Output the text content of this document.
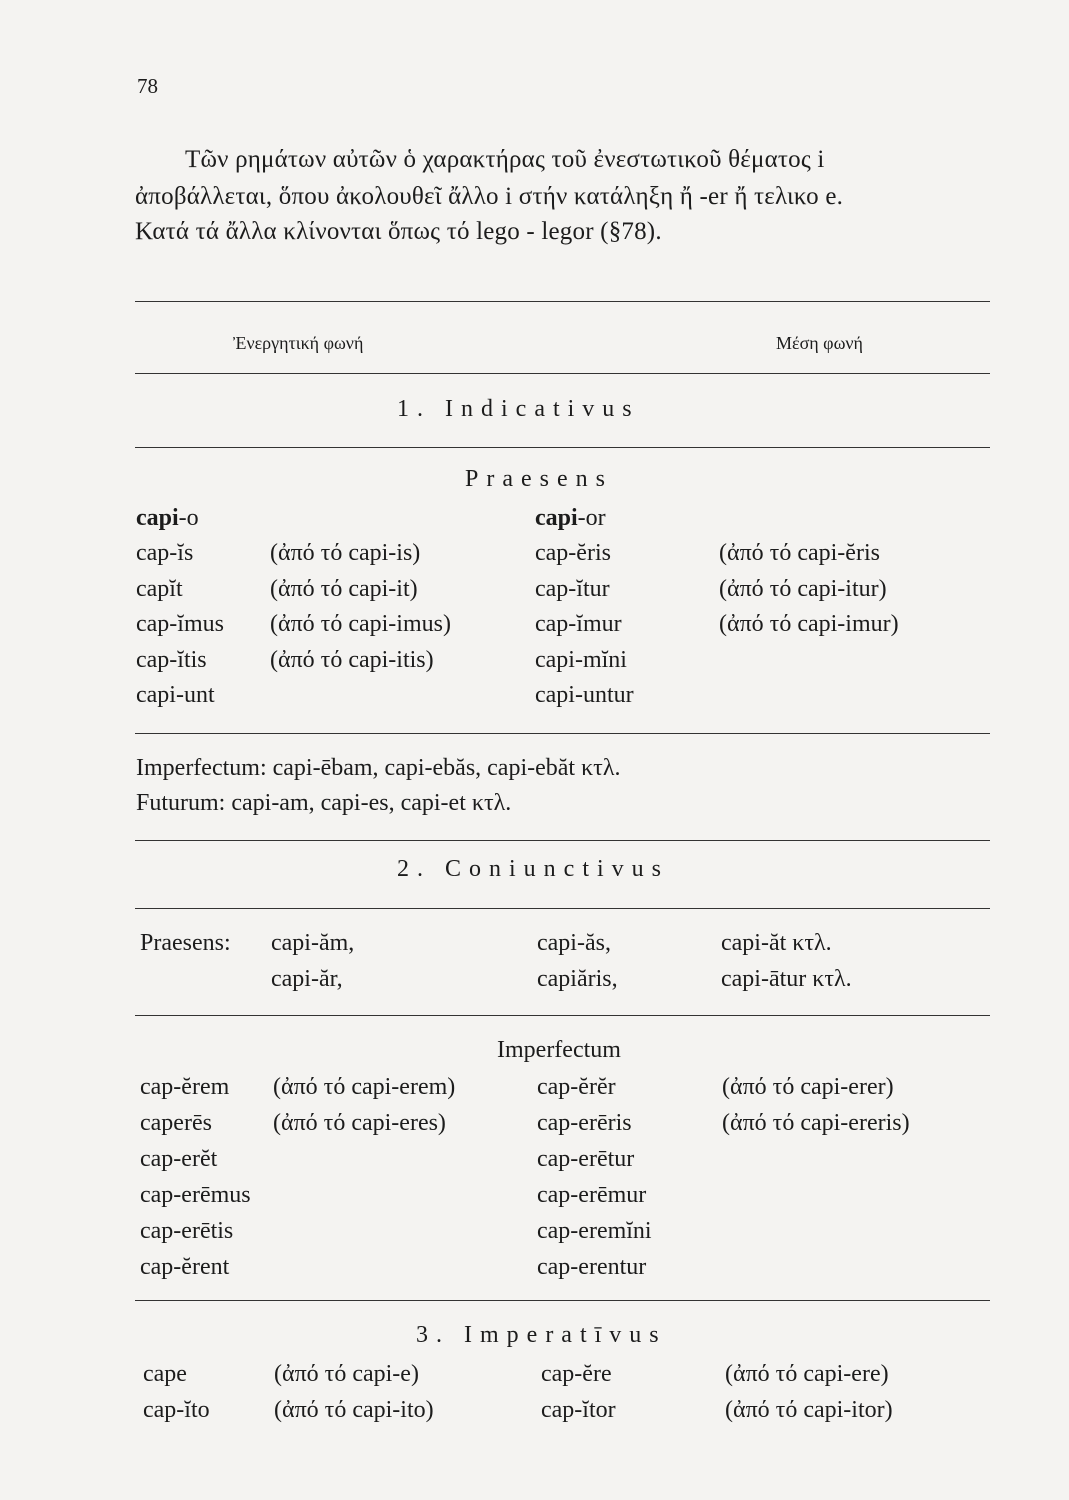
78
Τῶν ρημάτων αὐτῶν ὁ χαρακτήρας τοῦ ἐνεστωτικοῦ θέματος i
ἀποβάλλεται, ὅπου ἀκολουθεῖ ἄλλο i στήν κατάληξη ἤ -er ἤ τελικο e.
Κατά τά ἄλλα κλίνονται ὅπως τό lego - legor (§78).
Ἐνεργητική φωνή	Μέση φωνή
1. Indicativus
Praesens
capi-o	capi-or
cap-ĭs	(ἀπό τό capi-is)	cap-ĕris	(ἀπό τό capi-ĕris
capĭt	(ἀπό τό capi-it)	cap-ĭtur	(ἀπό τό capi-itur)
cap-ĭmus (ἀπό τό capi-imus)	cap-ĭmur	(ἀπό τό capi-imur)
cap-ĭtis	(ἀπό τό capi-itis)	capi-mĭni
capi-unt	capi-untur
Imperfectum: capi-ēbam, capi-ebăs, capi-ebăt κτλ.
Futurum: capi-am, capi-es, capi-et κτλ.
2. Coniunctivus
Praesens: capi-ăm,	capi-ăs,	capi-ăt κτλ.
capi-ăr,	capiăris,	capi-ātur κτλ.
Imperfectum
cap-ĕrem (ἀπό τό capi-erem)	cap-ĕrĕr	(ἀπό τό capi-erer)
caperēs	(ἀπό τό capi-eres)	cap-erēris	(ἀπό τό capi-ereris)
cap-erĕt	cap-erētur
cap-erēmus	cap-erēmur
cap-erētis	cap-eremĭni
cap-ĕrent	cap-erentur
3. Imperatīvus
cape	(ἀπό τό capi-e)	cap-ĕre	(ἀπό τό capi-ere)
cap-ĭto	(ἀπό τό capi-ito)	cap-ĭtor	(ἀπό τό capi-itor)
